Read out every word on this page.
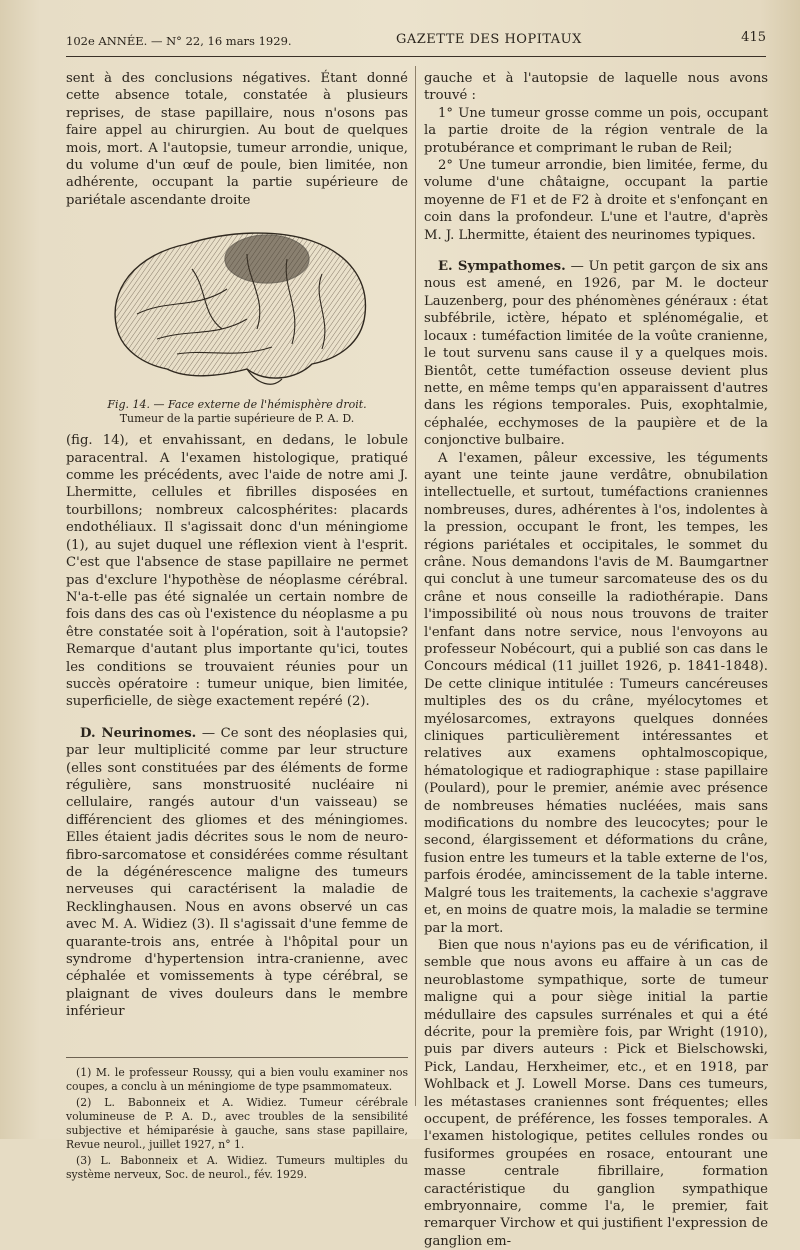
102e ANNÉE. — N° 22, 16 mars 1929.	GAZETTE DES HOPITAUX	415

sent à des conclusions négatives. Étant donné cette absence totale, constatée à plusieurs reprises, de stase papillaire, nous n'osons pas faire appel au chirurgien. Au bout de quelques mois, mort. A l'autopsie, tumeur arrondie, unique, du volume d'un œuf de poule, bien limitée, non adhérente, occupant la partie supérieure de pariétale ascendante droite

Fig. 14. — Face externe de l'hémisphère droit.
Tumeur de la partie supérieure de P. A. D.

(fig. 14), et envahissant, en dedans, le lobule paracentral. A l'examen histologique, pratiqué comme les précédents, avec l'aide de notre ami J. Lhermitte, cellules et fibrilles disposées en tourbillons; nombreux calcosphérites: placards endothéliaux. Il s'agissait donc d'un méningiome (1), au sujet duquel une réflexion vient à l'esprit. C'est que l'absence de stase papillaire ne permet pas d'exclure l'hypothèse de néoplasme cérébral. N'a-t-elle pas été signalée un certain nombre de fois dans des cas où l'existence du néoplasme a pu être constatée soit à l'opération, soit à l'autopsie? Remarque d'autant plus importante qu'ici, toutes les conditions se trouvaient réunies pour un succès opératoire : tumeur unique, bien limitée, superficielle, de siège exactement repéré (2).

D. Neurinomes. — Ce sont des néoplasies qui, par leur multiplicité comme par leur structure (elles sont constituées par des éléments de forme régulière, sans monstruosité nucléaire ni cellulaire, rangés autour d'un vaisseau) se différencient des gliomes et des méningiomes. Elles étaient jadis décrites sous le nom de neuro-fibro-sarcomatose et considérées comme résultant de la dégénérescence maligne des tumeurs nerveuses qui caractérisent la maladie de Recklinghausen. Nous en avons observé un cas avec M. A. Widiez (3). Il s'agissait d'une femme de quarante-trois ans, entrée à l'hôpital pour un syndrome d'hypertension intra-cranienne, avec céphalée et vomissements à type cérébral, se plaignant de vives douleurs dans le membre inférieur

(1) M. le professeur Roussy, qui a bien voulu examiner nos coupes, a conclu à un méningiome de type psammomateux.

(2) L. Babonneix et A. Widiez. Tumeur cérébrale volumineuse de P. A. D., avec troubles de la sensibilité subjective et hémiparésie à gauche, sans stase papillaire, Revue neurol., juillet 1927, n° 1.

(3) L. Babonneix et A. Widiez. Tumeurs multiples du système nerveux, Soc. de neurol., fév. 1929.

gauche et à l'autopsie de laquelle nous avons trouvé :

1° Une tumeur grosse comme un pois, occupant la partie droite de la région ventrale de la protubérance et comprimant le ruban de Reil;

2° Une tumeur arrondie, bien limitée, ferme, du volume d'une châtaigne, occupant la partie moyenne de F1 et de F2 à droite et s'enfonçant en coin dans la profondeur. L'une et l'autre, d'après M. J. Lhermitte, étaient des neurinomes typiques.

E. Sympathomes. — Un petit garçon de six ans nous est amené, en 1926, par M. le docteur Lauzenberg, pour des phénomènes généraux : état subfébrile, ictère, hépato et splénomégalie, et locaux : tuméfaction limitée de la voûte cranienne, le tout survenu sans cause il y a quelques mois. Bientôt, cette tuméfaction osseuse devient plus nette, en même temps qu'en apparaissent d'autres dans les régions temporales. Puis, exophtalmie, céphalée, ecchymoses de la paupière et de la conjonctive bulbaire.

A l'examen, pâleur excessive, les téguments ayant une teinte jaune verdâtre, obnubilation intellectuelle, et surtout, tuméfactions craniennes nombreuses, dures, adhérentes à l'os, indolentes à la pression, occupant le front, les tempes, les régions pariétales et occipitales, le sommet du crâne. Nous demandons l'avis de M. Baumgartner qui conclut à une tumeur sarcomateuse des os du crâne et nous conseille la radiothérapie. Dans l'impossibilité où nous nous trouvons de traiter l'enfant dans notre service, nous l'envoyons au professeur Nobécourt, qui a publié son cas dans le Concours médical (11 juillet 1926, p. 1841-1848). De cette clinique intitulée : Tumeurs cancéreuses multiples des os du crâne, myélocytomes et myélosarcomes, extrayons quelques données cliniques particulièrement intéressantes et relatives aux examens ophtalmoscopique, hématologique et radiographique : stase papillaire (Poulard), pour le premier, anémie avec présence de nombreuses hématies nucléées, mais sans modifications du nombre des leucocytes; pour le second, élargissement et déformations du crâne, fusion entre les tumeurs et la table externe de l'os, parfois érodée, amincissement de la table interne. Malgré tous les traitements, la cachexie s'aggrave et, en moins de quatre mois, la maladie se termine par la mort.

Bien que nous n'ayions pas eu de vérification, il semble que nous avons eu affaire à un cas de neuroblastome sympathique, sorte de tumeur maligne qui a pour siège initial la partie médullaire des capsules surrénales et qui a été décrite, pour la première fois, par Wright (1910), puis par divers auteurs : Pick et Bielschowski, Pick, Landau, Herxheimer, etc., et en 1918, par Wohlback et J. Lowell Morse. Dans ces tumeurs, les métastases craniennes sont fréquentes; elles occupent, de préférence, les fosses temporales. A l'examen histologique, petites cellules rondes ou fusiformes groupées en rosace, entourant une masse centrale fibrillaire, formation caractéristique du ganglion sympathique embryonnaire, comme l'a, le premier, fait remarquer Virchow et qui justifient l'expression de ganglion em-
